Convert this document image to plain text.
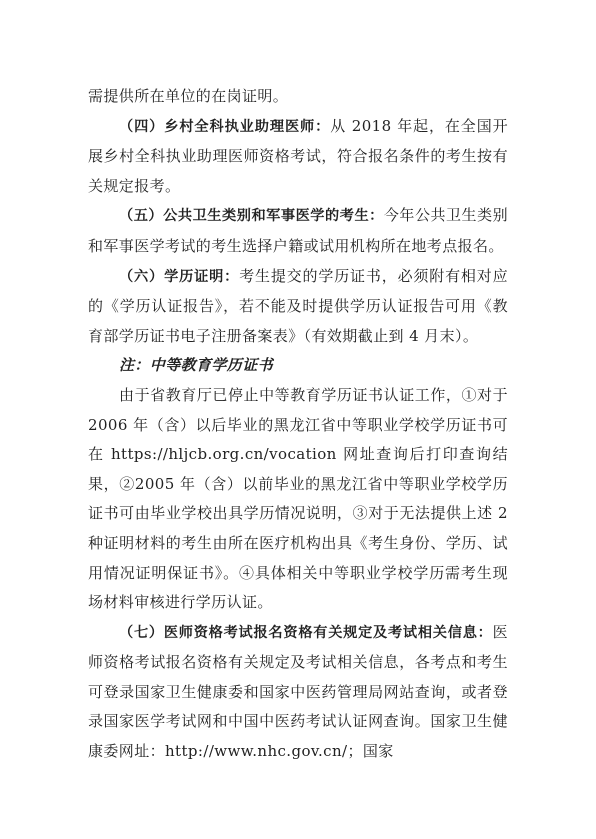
需提供所在单位的在岗证明。

（四）乡村全科执业助理医师：从 2018 年起，在全国开展乡村全科执业助理医师资格考试，符合报名条件的考生按有关规定报考。

（五）公共卫生类别和军事医学的考生：今年公共卫生类别和军事医学考试的考生选择户籍或试用机构所在地考点报名。

（六）学历证明：考生提交的学历证书，必须附有相对应的《学历认证报告》，若不能及时提供学历认证报告可用《教育部学历证书电子注册备案表》（有效期截止到 4 月末）。

注：中等教育学历证书

由于省教育厅已停止中等教育学历证书认证工作，①对于 2006 年（含）以后毕业的黑龙江省中等职业学校学历证书可在 https://hljcb.org.cn/vocation 网址查询后打印查询结果，②2005 年（含）以前毕业的黑龙江省中等职业学校学历证书可由毕业学校出具学历情况说明，③对于无法提供上述 2 种证明材料的考生由所在医疗机构出具《考生身份、学历、试用情况证明保证书》。④具体相关中等职业学校学历需考生现场材料审核进行学历认证。

（七）医师资格考试报名资格有关规定及考试相关信息：医师资格考试报名资格有关规定及考试相关信息，各考点和考生可登录国家卫生健康委和国家中医药管理局网站查询，或者登录国家医学考试网和中国中医药考试认证网查询。国家卫生健康委网址：http://www.nhc.gov.cn/；国家
